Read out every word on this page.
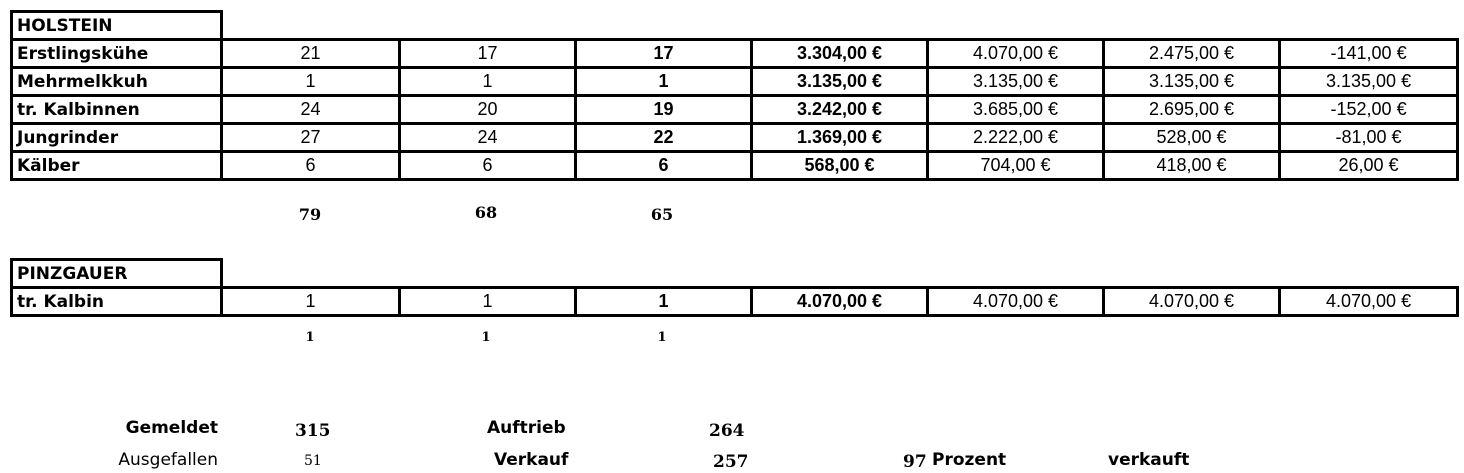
HOLSTEIN							
Erstlingskühe	21	17	17	3.304,00 €	4.070,00 €	2.475,00 €	-141,00 €
Mehrmelkkuh	1	1	1	3.135,00 €	3.135,00 €	3.135,00 €	3.135,00 €
tr. Kalbinnen	24	20	19	3.242,00 €	3.685,00 €	2.695,00 €	-152,00 €
Jungrinder	27	24	22	1.369,00 €	2.222,00 €	528,00 €	-81,00 €
Kälber	6	6	6	568,00 €	704,00 €	418,00 €	26,00 €
79	68	65
PINZGAUER							
tr. Kalbin	1	1	1	4.070,00 €	4.070,00 €	4.070,00 €	4.070,00 €
1	1	1
Gemeldet	315
Ausgefallen	51
Auftrieb	264
Verkauf	257	97 Prozent	verkauft
